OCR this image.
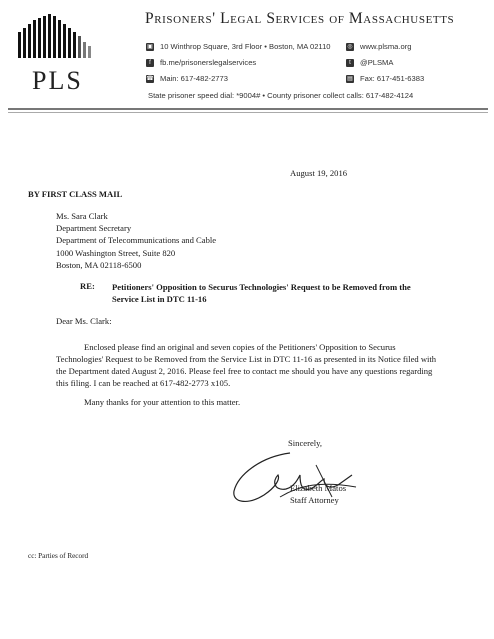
PLS
Prisoners' Legal Services of Massachusetts
▣ 10 Winthrop Square, 3rd Floor • Boston, MA 02110	◎ www.plsma.org
f	fb.me/prisonerslegalservices	t	@PLSMA
☎ Main: 617-482-2773	▤ Fax: 617-451-6383
State prisoner speed dial: *9004# • County prisoner collect calls: 617-482-4124
August 19, 2016
BY FIRST CLASS MAIL
Ms. Sara Clark
Department Secretary
Department of Telecommunications and Cable
1000 Washington Street, Suite 820
Boston, MA 02118-6500
RE: Petitioners' Opposition to Securus Technologies' Request to be Removed from the Service List in DTC 11-16
Dear Ms. Clark:
Enclosed please find an original and seven copies of the Petitioners' Opposition to Securus Technologies' Request to be Removed from the Service List in DTC 11-16 as presented in its Notice filed with the Department dated August 2, 2016. Please feel free to contact me should you have any questions regarding this filing. I can be reached at 617-482-2773 x105.
Many thanks for your attention to this matter.
Sincerely,
Elizabeth Matos
Staff Attorney
cc: Parties of Record
